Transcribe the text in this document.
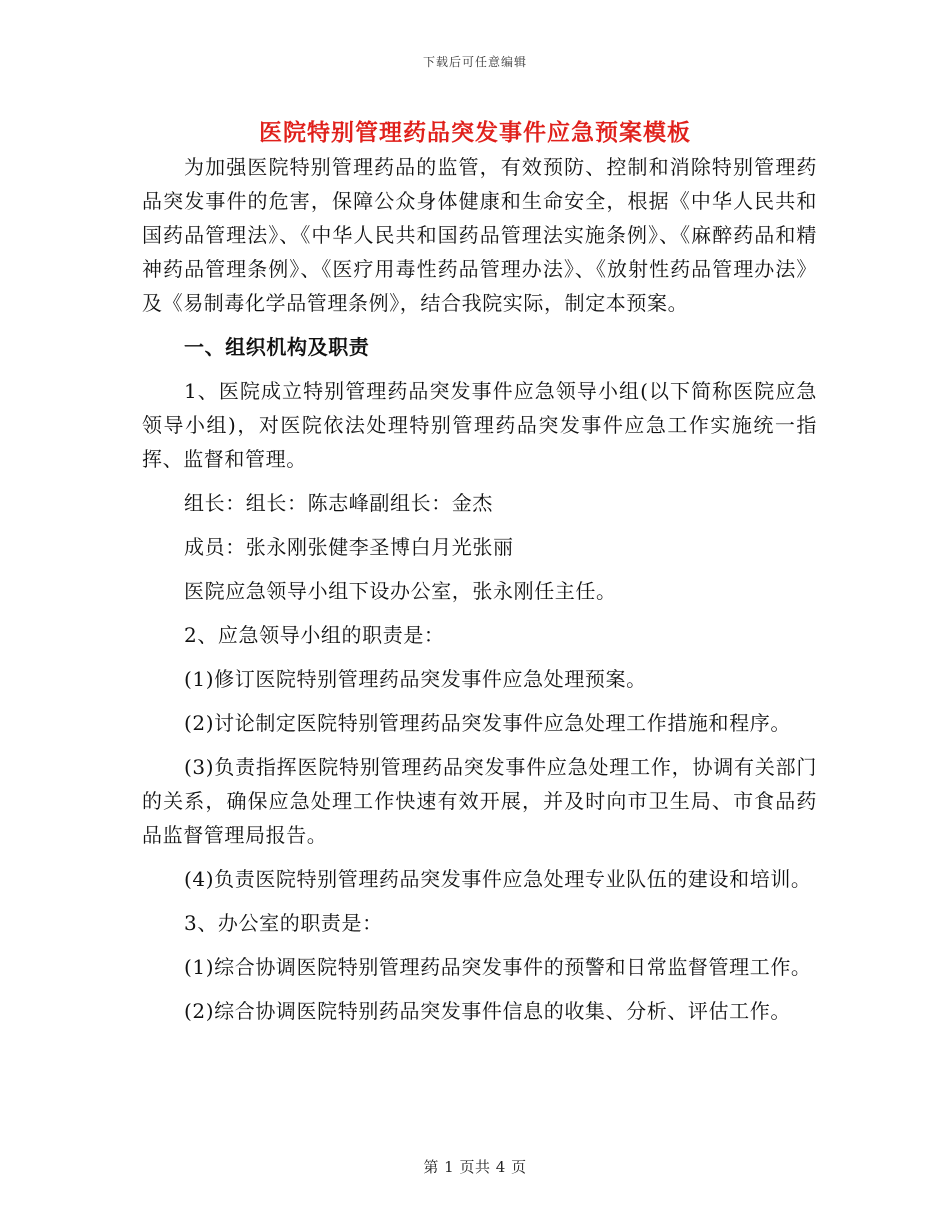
下载后可任意编辑
医院特别管理药品突发事件应急预案模板

为加强医院特别管理药品的监管，有效预防、控制和消除特别管理药品突发事件的危害，保障公众身体健康和生命安全，根据《中华人民共和国药品管理法》、《中华人民共和国药品管理法实施条例》、《麻醉药品和精神药品管理条例》、《医疗用毒性药品管理办法》、《放射性药品管理办法》及《易制毒化学品管理条例》，结合我院实际，制定本预案。

一、组织机构及职责

1、医院成立特别管理药品突发事件应急领导小组(以下简称医院应急领导小组)，对医院依法处理特别管理药品突发事件应急工作实施统一指挥、监督和管理。

组长：组长：陈志峰副组长：金杰

成员：张永刚张健李圣博白月光张丽

医院应急领导小组下设办公室，张永刚任主任。

2、应急领导小组的职责是：

(1)修订医院特别管理药品突发事件应急处理预案。

(2)讨论制定医院特别管理药品突发事件应急处理工作措施和程序。

(3)负责指挥医院特别管理药品突发事件应急处理工作，协调有关部门的关系，确保应急处理工作快速有效开展，并及时向市卫生局、市食品药品监督管理局报告。

(4)负责医院特别管理药品突发事件应急处理专业队伍的建设和培训。

3、办公室的职责是：

(1)综合协调医院特别管理药品突发事件的预警和日常监督管理工作。

(2)综合协调医院特别药品突发事件信息的收集、分析、评估工作。

第 1 页共 4 页
